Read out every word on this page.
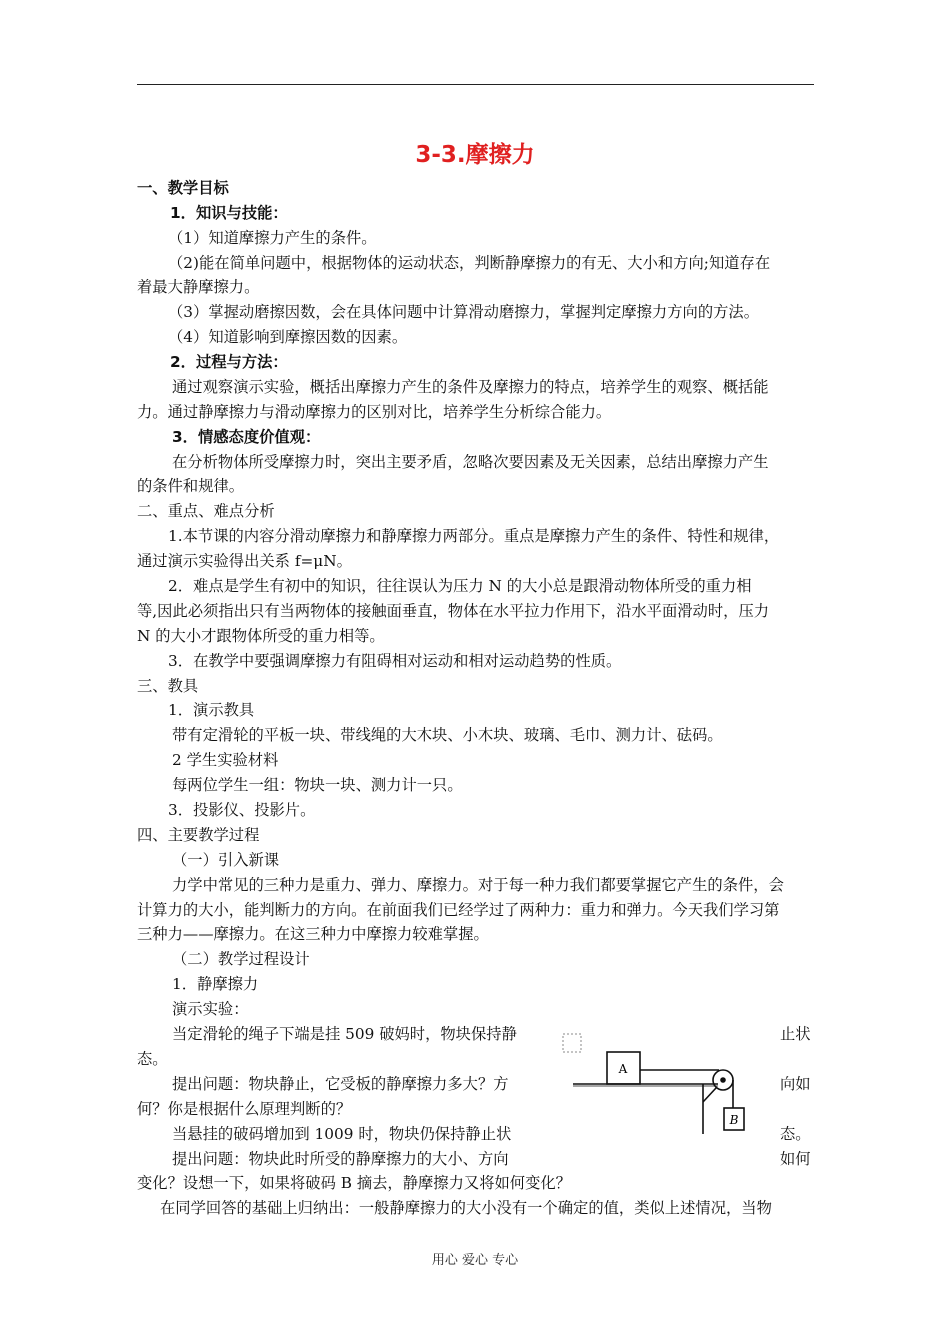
3-3.摩擦力
一、教学目标
1．知识与技能：
（1）知道摩擦力产生的条件。
（2)能在简单问题中，根据物体的运动状态，判断静摩擦力的有无、大小和方向;知道存在
着最大静摩擦力。
（3）掌握动磨擦因数，会在具体问题中计算滑动磨擦力，掌握判定摩擦力方向的方法。
（4）知道影响到摩擦因数的因素。
2．过程与方法：
通过观察演示实验，概括出摩擦力产生的条件及摩擦力的特点，培养学生的观察、概括能
力。通过静摩擦力与滑动摩擦力的区别对比，培养学生分析综合能力。
3．情感态度价值观：
在分析物体所受摩擦力时，突出主要矛盾，忽略次要因素及无关因素，总结出摩擦力产生
的条件和规律。
二、重点、难点分析
1.本节课的内容分滑动摩擦力和静摩擦力两部分。重点是摩擦力产生的条件、特性和规律，
通过演示实验得出关系 f=μN。
2．难点是学生有初中的知识，往往误认为压力 N 的大小总是跟滑动物体所受的重力相
等,因此必须指出只有当两物体的接触面垂直，物体在水平拉力作用下，沿水平面滑动时，压力
N 的大小才跟物体所受的重力相等。
3．在教学中要强调摩擦力有阻碍相对运动和相对运动趋势的性质。
三、教具
1．演示教具
带有定滑轮的平板一块、带线绳的大木块、小木块、玻璃、毛巾、测力计、砝码。
2 学生实验材料
每两位学生一组：物块一块、测力计一只。
3．投影仪、投影片。
四、主要教学过程
（一）引入新课
力学中常见的三种力是重力、弹力、摩擦力。对于每一种力我们都要掌握它产生的条件，会
计算力的大小，能判断力的方向。在前面我们已经学过了两种力：重力和弹力。今天我们学习第
三种力——摩擦力。在这三种力中摩擦力较难掌握。
（二）教学过程设计
1．静摩擦力
演示实验：
当定滑轮的绳子下端是挂 509 破妈时，物块保持静
态。
提出问题：物块静止，它受板的静摩擦力多大？方
何？你是根据什么原理判断的？
当悬挂的破码增加到 1009 时，物块仍保持静止状
提出问题：物块此时所受的静摩擦力的大小、方向
变化？设想一下，如果将破码 B 摘去，静摩擦力又将如何变化？
在同学回答的基础上归纳出：一般静摩擦力的大小没有一个确定的值，类似上述情况，当物
止状
向如
态。
如何
A
B
用心 爱心 专心
